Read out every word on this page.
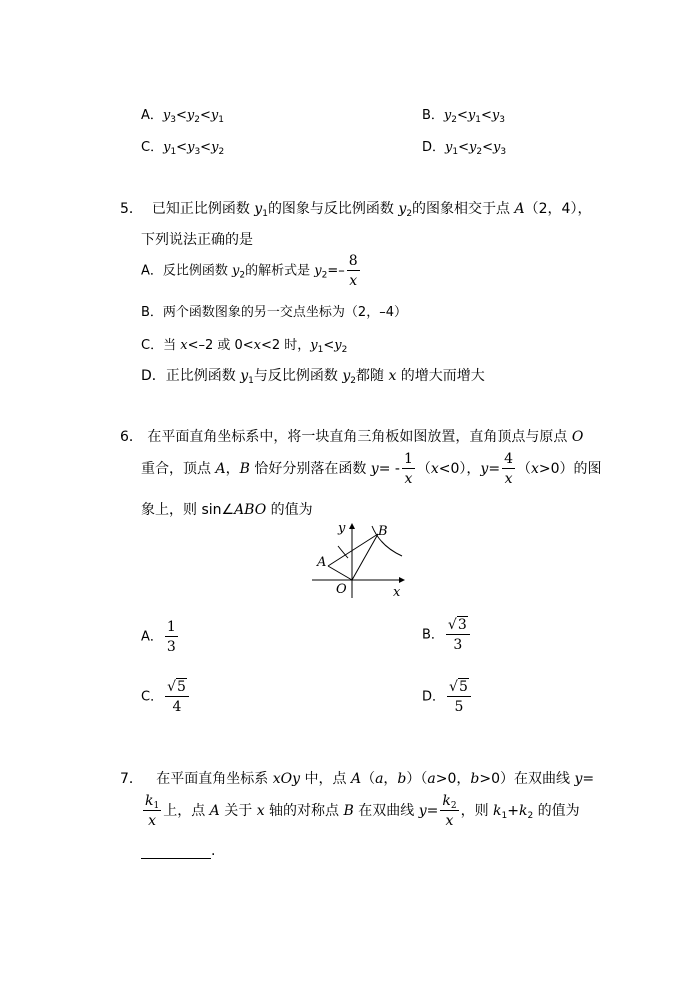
A．$y_3<y_2<y_1$	B．$y_2<y_1<y_3$
C．$y_1<y_3<y_2$	D．$y_1<y_2<y_3$
5． 已知正比例函数 $y_1$的图象与反比例函数 $y_2$的图象相交于点 A（2，4），
下列说法正确的是
A．反比例函数 $y_2$的解析式是 $y_2=- \frac{8}{x}$
B．两个函数图象的另一交点坐标为（2，–4）
C．当 x<–2 或 0<x<2 时，$y_1<y_2$
D．正比例函数 $y_1$与反比例函数 $y_2$都随 x 的增大而增大
6． 在平面直角坐标系中，将一块直角三角板如图放置，直角顶点与原点 O
重合，顶点 A，B 恰好分别落在函数 $y= - \frac{1}{x} (x<0)$，$y= \frac{4}{x} (x>0)$的图
象上，则 sin∠ABO 的值为
y	B
A
O	x
A． $\frac{1}{3}$	B． $\frac{√3}{3}$
C． $\frac{√5}{4}$	D． $\frac{√5}{5}$
7． 在平面直角坐标系 xOy 中，点 A（a，b）（a>0，b>0）在双曲线 y=
$\frac{k_1}{x}$ 上，点 A 关于 x 轴的对称点 B 在双曲线 $y= \frac{k_2}{x}$ ，则 $k_1+k_2$ 的值为
.
